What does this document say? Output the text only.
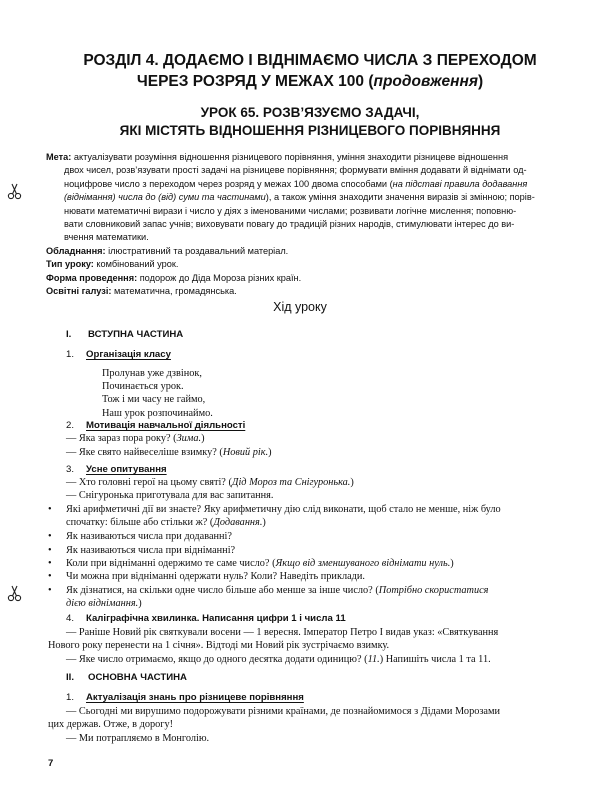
РОЗДІЛ 4. ДОДАЄМО І ВІДНІМАЄМО ЧИСЛА З ПЕРЕХОДОМ
ЧЕРЕЗ РОЗРЯД У МЕЖАХ 100 (продовження)
УРОК 65. РОЗВ’ЯЗУЄМО ЗАДАЧІ,
ЯКІ МІСТЯТЬ ВІДНОШЕННЯ РІЗНИЦЕВОГО ПОРІВНЯННЯ

Мета: актуалізувати розуміння відношення різницевого порівняння, уміння знаходити різницеве відношення

двох чисел, розв’язувати прості задачі на різницеве порівняння; формувати вміння додавати й віднімати од-

ноцифрове число з переходом через розряд у межах 100 двома способами (на підставі правила додавання

(віднімання) числа до (від) суми та частинами), а також уміння знаходити значення виразів зі змінною; порів-

нювати математичні вирази і число у діях з іменованими числами; розвивати логічне мислення; поповню-

вати словниковий запас учнів; виховувати повагу до традицій різних народів, стимулювати інтерес до ви-

вчення математики.

Обладнання: ілюстративний та роздавальний матеріал.

Тип уроку: комбінований урок.

Форма проведення: подорож до Діда Мороза різних країн.

Освітні галузі: математична, громадянська.

Хід уроку
I. ВСТУПНА ЧАСТИНА
1. Організація класу
Пролунав уже дзвінок,
Починається урок.
Тож і ми часу не гаймо,
Наш урок розпочинаймо.
2. Мотивація навчальної діяльності
— Яка зараз пора року? (Зима.)
— Яке свято найвеселіше взимку? (Новий рік.)
3. Усне опитування
— Хто головні герої на цьому святі? (Дід Мороз та Снігуронька.)
— Снігуронька приготувала для вас запитання.
• Які арифметичні дії ви знаєте? Яку арифметичну дію слід виконати, щоб стало не менше, ніж було
спочатку: більше або стільки ж? (Додавання.)
• Як називаються числа при додаванні?
• Як називаються числа при відніманні?
• Коли при відніманні одержимо те саме число? (Якщо від зменшуваного віднімати нуль.)
• Чи можна при відніманні одержати нуль? Коли? Наведіть приклади.
• Як дізнатися, на скільки одне число більше або менше за інше число? (Потрібно скористатися
дією віднімання.)
4. Каліграфічна хвилинка. Написання цифри 1 і числа 11
— Раніше Новий рік святкували восени — 1 вересня. Імператор Петро I видав указ: «Святкування
Нового року перенести на 1 січня». Відтоді ми Новий рік зустрічаємо взимку.
— Яке число отримаємо, якщо до одного десятка додати одиницю? (11.) Напишіть числа 1 та 11.
II. ОСНОВНА ЧАСТИНА
1. Актуалізація знань про різницеве порівняння
— Сьогодні ми вирушимо подорожувати різними країнами, де познайомимося з Дідами Морозами
цих держав. Отже, в дорогу!
— Ми потрапляємо в Монголію.
7
